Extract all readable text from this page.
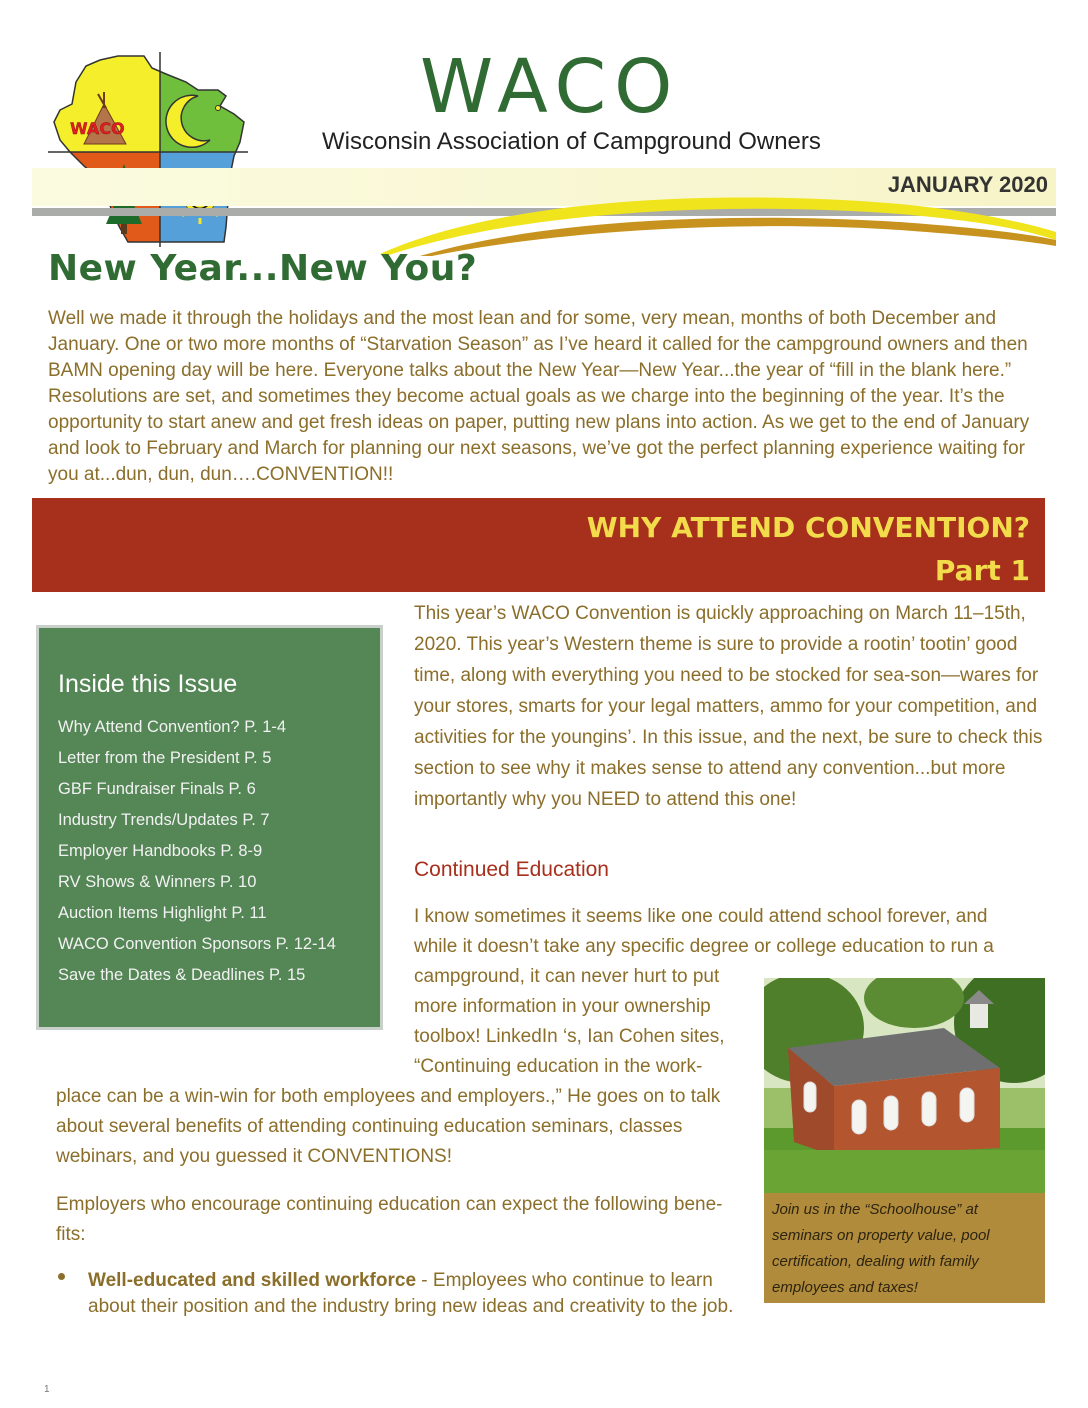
WACO	WACO
Wisconsin Association of Campground Owners
JANUARY 2020
New Year...New You?

Well we made it through the holidays and the most lean and for some, very mean, months of both December and January. One or two more months of “Starvation Season” as I’ve heard it called for the campground owners and then BAMN opening day will be here. Everyone talks about the New Year—New Year...the year of “fill in the blank here.” Resolutions are set, and sometimes they become actual goals as we charge into the beginning of the year. It’s the opportunity to start anew and get fresh ideas on paper, putting new plans into action. As we get to the end of January and look to February and March for planning our next seasons, we’ve got the perfect planning experience waiting for you at...dun, dun, dun….CONVENTION!!

WHY ATTEND CONVENTION?
Part 1
Inside this Issue
Why Attend Convention? P. 1-4
Letter from the President P. 5
GBF Fundraiser Finals P. 6
Industry Trends/Updates P. 7
Employer Handbooks P. 8-9
RV Shows & Winners P. 10
Auction Items Highlight P. 11
WACO Convention Sponsors P. 12-14
Save the Dates & Deadlines P. 15

This year’s WACO Convention is quickly approaching on March 11–15th, 2020. This year’s Western theme is sure to provide a rootin’ tootin’ good time, along with everything you need to be stocked for sea-son—wares for your stores, smarts for your legal matters, ammo for your competition, and activities for the youngins’. In this issue, and the next, be sure to check this section to see why it makes sense to attend any convention...but more importantly why you NEED to attend this one!

Continued Education
I know sometimes it seems like one could attend school forever, and
while it doesn’t take any specific degree or college education to run a
campground, it can never hurt to put
more information in your ownership
toolbox! LinkedIn ‘s, Ian Cohen sites,
“Continuing education in the work-
place can be a win-win for both employees and employers.,” He goes on to talk
about several benefits of attending continuing education seminars, classes
webinars, and you guessed it CONVENTIONS!
Employers who encourage continuing education can expect the following bene-
fits:

Well-educated and skilled workforce - Employees who continue to learn about their position and the industry bring new ideas and creativity to the job.

Join us in the “Schoolhouse” at seminars on property value, pool certification, dealing with family employees and taxes!

1
